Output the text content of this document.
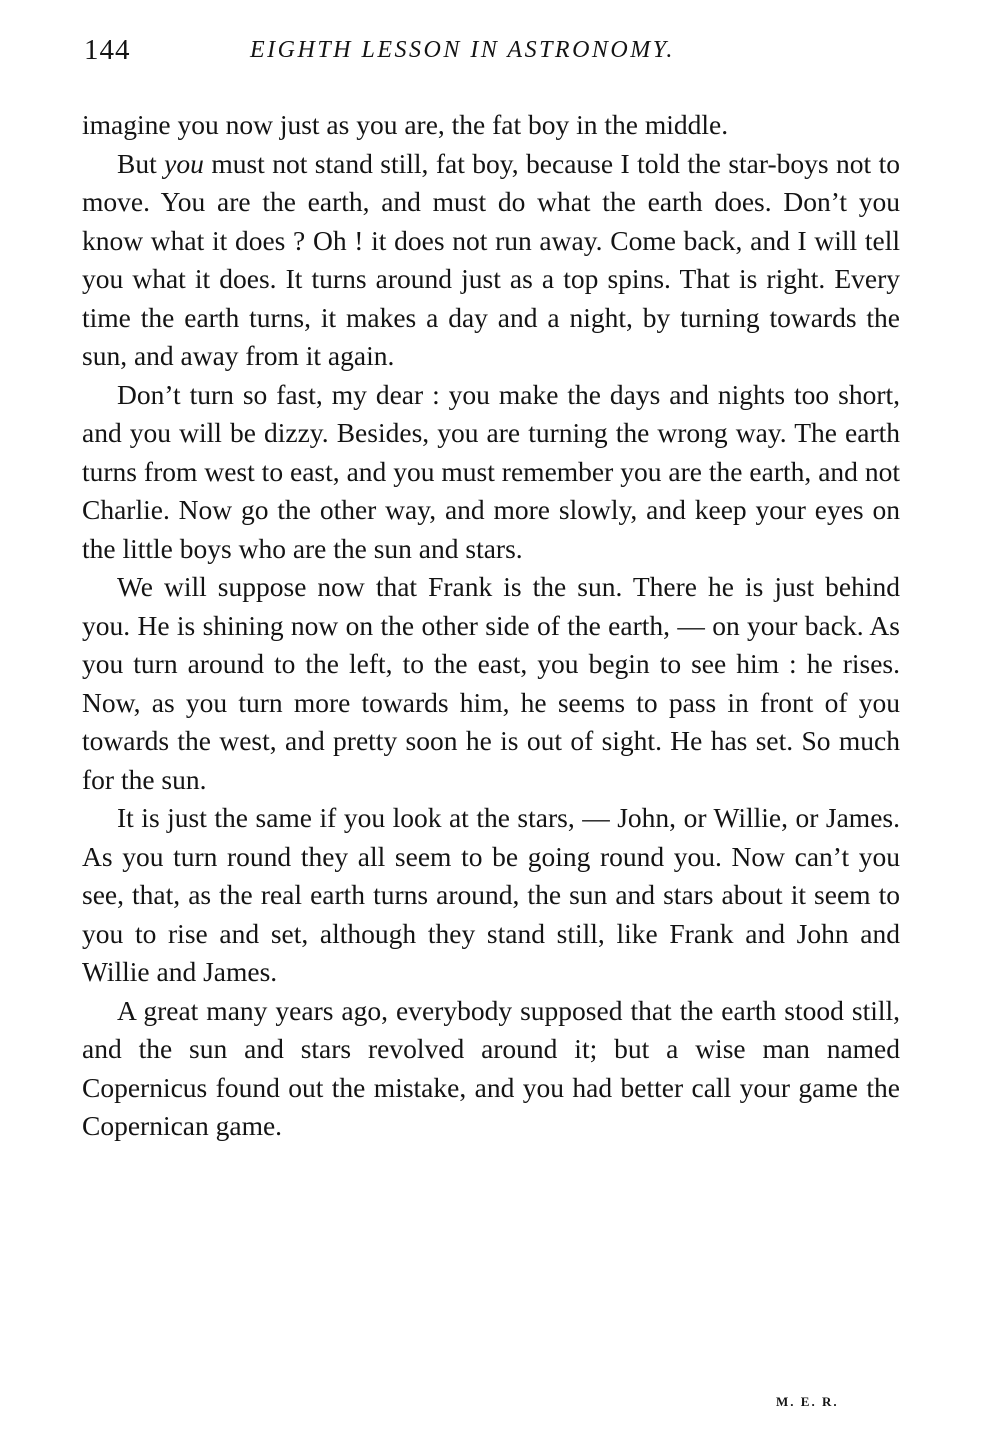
144	EIGHTH LESSON IN ASTRONOMY.

imagine you now just as you are, the fat boy in the middle.

But you must not stand still, fat boy, because I told the star-boys not to move. You are the earth, and must do what the earth does. Don’t you know what it does ? Oh ! it does not run away. Come back, and I will tell you what it does. It turns around just as a top spins. That is right. Every time the earth turns, it makes a day and a night, by turning towards the sun, and away from it again.

Don’t turn so fast, my dear : you make the days and nights too short, and you will be dizzy. Besides, you are turning the wrong way. The earth turns from west to east, and you must remember you are the earth, and not Charlie. Now go the other way, and more slowly, and keep your eyes on the little boys who are the sun and stars.

We will suppose now that Frank is the sun. There he is just behind you. He is shining now on the other side of the earth, — on your back. As you turn around to the left, to the east, you begin to see him : he rises. Now, as you turn more towards him, he seems to pass in front of you towards the west, and pretty soon he is out of sight. He has set. So much for the sun.

It is just the same if you look at the stars, — John, or Willie, or James. As you turn round they all seem to be going round you. Now can’t you see, that, as the real earth turns around, the sun and stars about it seem to you to rise and set, although they stand still, like Frank and John and Willie and James.

A great many years ago, everybody supposed that the earth stood still, and the sun and stars revolved around it; but a wise man named Copernicus found out the mistake, and you had better call your game the Copernican game.

M. E. R.
